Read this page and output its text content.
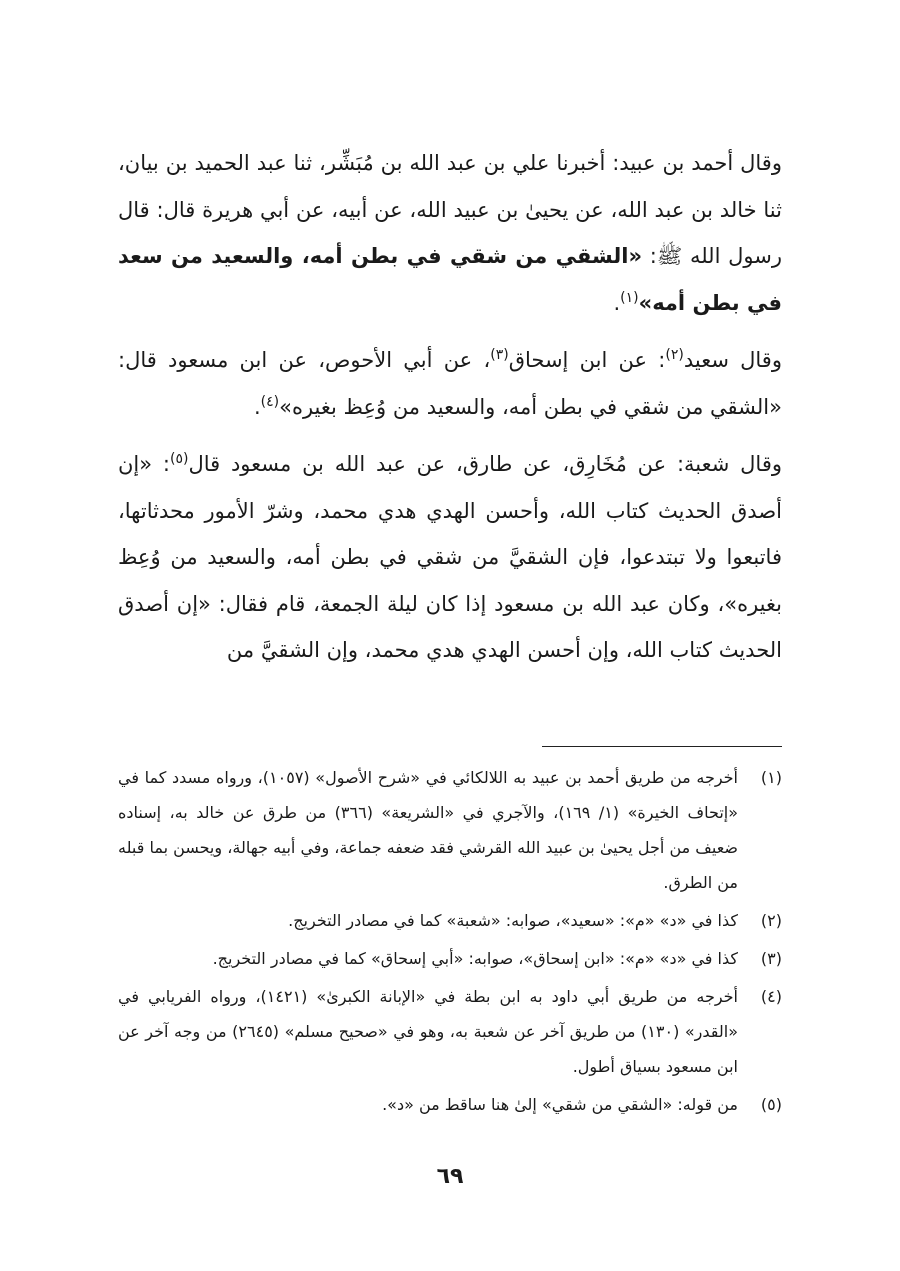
وقال أحمد بن عبيد: أخبرنا علي بن عبد الله بن مُبَشِّر، ثنا عبد الحميد بن بيان، ثنا خالد بن عبد الله، عن يحيىٰ بن عبيد الله، عن أبيه، عن أبي هريرة قال: قال رسول الله ﷺ: «الشقي من شقي في بطن أمه، والسعيد من سعد في بطن أمه»$^{(١)}$.

وقال سعيد$^{(٢)}$: عن ابن إسحاق$^{(٣)}$، عن أبي الأحوص، عن ابن مسعود قال: «الشقي من شقي في بطن أمه، والسعيد من وُعِظ بغيره»$^{(٤)}$.

وقال شعبة: عن مُخَارِق، عن طارق، عن عبد الله بن مسعود قال$^{(٥)}$: «إن أصدق الحديث كتاب الله، وأحسن الهدي هدي محمد، وشرّ الأمور محدثاتها، فاتبعوا ولا تبتدعوا، فإن الشقيَّ من شقي في بطن أمه، والسعيد من وُعِظ بغيره»، وكان عبد الله بن مسعود إذا كان ليلة الجمعة، قام فقال: «إن أصدق الحديث كتاب الله، وإن أحسن الهدي هدي محمد، وإن الشقيَّ من

(١)
أخرجه من طريق أحمد بن عبيد به اللالكائي في «شرح الأصول» (١٠٥٧)، ورواه مسدد كما في «إتحاف الخيرة» (١/ ١٦٩)، والآجري في «الشريعة» (٣٦٦) من طرق عن خالد به، إسناده ضعيف من أجل يحيىٰ بن عبيد الله القرشي فقد ضعفه جماعة، وفي أبيه جهالة، ويحسن بما قبله من الطرق.
(٢)
كذا في «د» «م»: «سعيد»، صوابه: «شعبة» كما في مصادر التخريج.
(٣)
كذا في «د» «م»: «ابن إسحاق»، صوابه: «أبي إسحاق» كما في مصادر التخريج.
(٤)
أخرجه من طريق أبي داود به ابن بطة في «الإبانة الكبرىٰ» (١٤٢١)، ورواه الفريابي في «القدر» (١٣٠) من طريق آخر عن شعبة به، وهو في «صحيح مسلم» (٢٦٤٥) من وجه آخر عن ابن مسعود بسياق أطول.
(٥)
من قوله: «الشقي من شقي» إلىٰ هنا ساقط من «د».
٦٩
